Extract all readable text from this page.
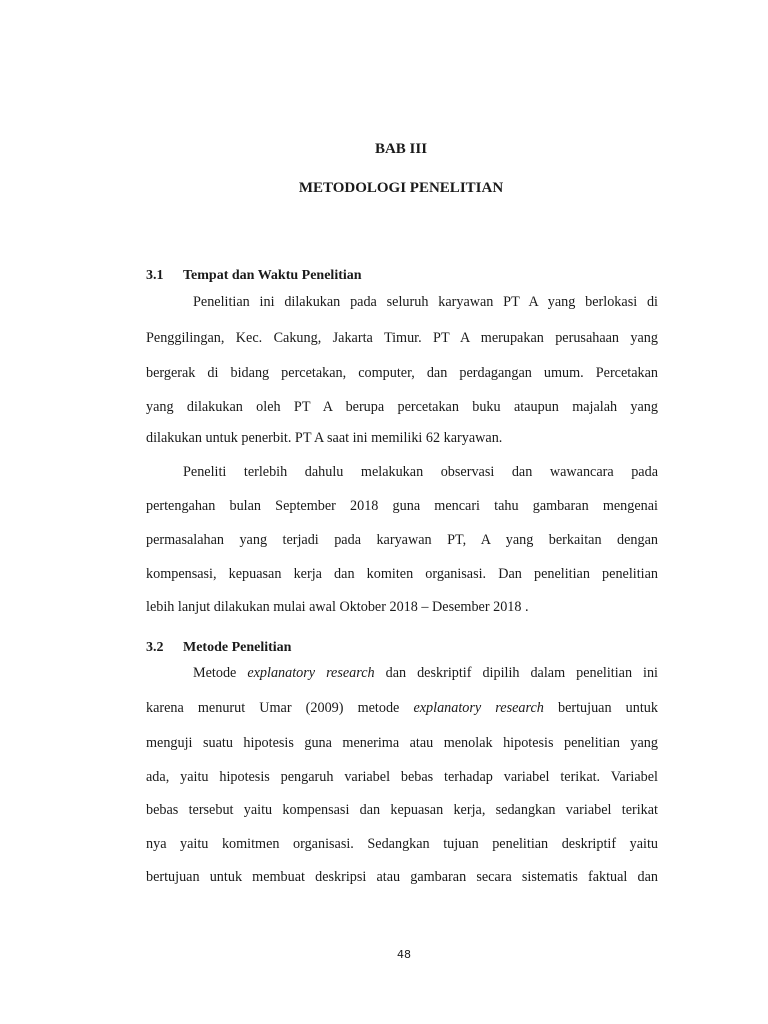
BAB III
METODOLOGI PENELITIAN
3.1 Tempat dan Waktu Penelitian
Penelitian ini dilakukan pada seluruh karyawan PT A yang berlokasi di
Penggilingan, Kec. Cakung, Jakarta Timur. PT A merupakan perusahaan yang
bergerak di bidang percetakan, computer, dan perdagangan umum. Percetakan
yang dilakukan oleh PT A berupa percetakan buku ataupun majalah yang
dilakukan untuk penerbit. PT A saat ini memiliki 62 karyawan.
Peneliti terlebih dahulu melakukan observasi dan wawancara pada
pertengahan bulan September 2018 guna mencari tahu gambaran mengenai
permasalahan yang terjadi pada karyawan PT, A yang berkaitan dengan
kompensasi, kepuasan kerja dan komiten organisasi. Dan penelitian penelitian
lebih lanjut dilakukan mulai awal Oktober 2018 – Desember 2018 .
3.2 Metode Penelitian
Metode explanatory research dan deskriptif dipilih dalam penelitian ini
karena menurut Umar (2009) metode explanatory research bertujuan untuk
menguji suatu hipotesis guna menerima atau menolak hipotesis penelitian yang
ada, yaitu hipotesis pengaruh variabel bebas terhadap variabel terikat. Variabel
bebas tersebut yaitu kompensasi dan kepuasan kerja, sedangkan variabel terikat
nya yaitu komitmen organisasi. Sedangkan tujuan penelitian deskriptif yaitu
bertujuan untuk membuat deskripsi atau gambaran secara sistematis faktual dan
48
